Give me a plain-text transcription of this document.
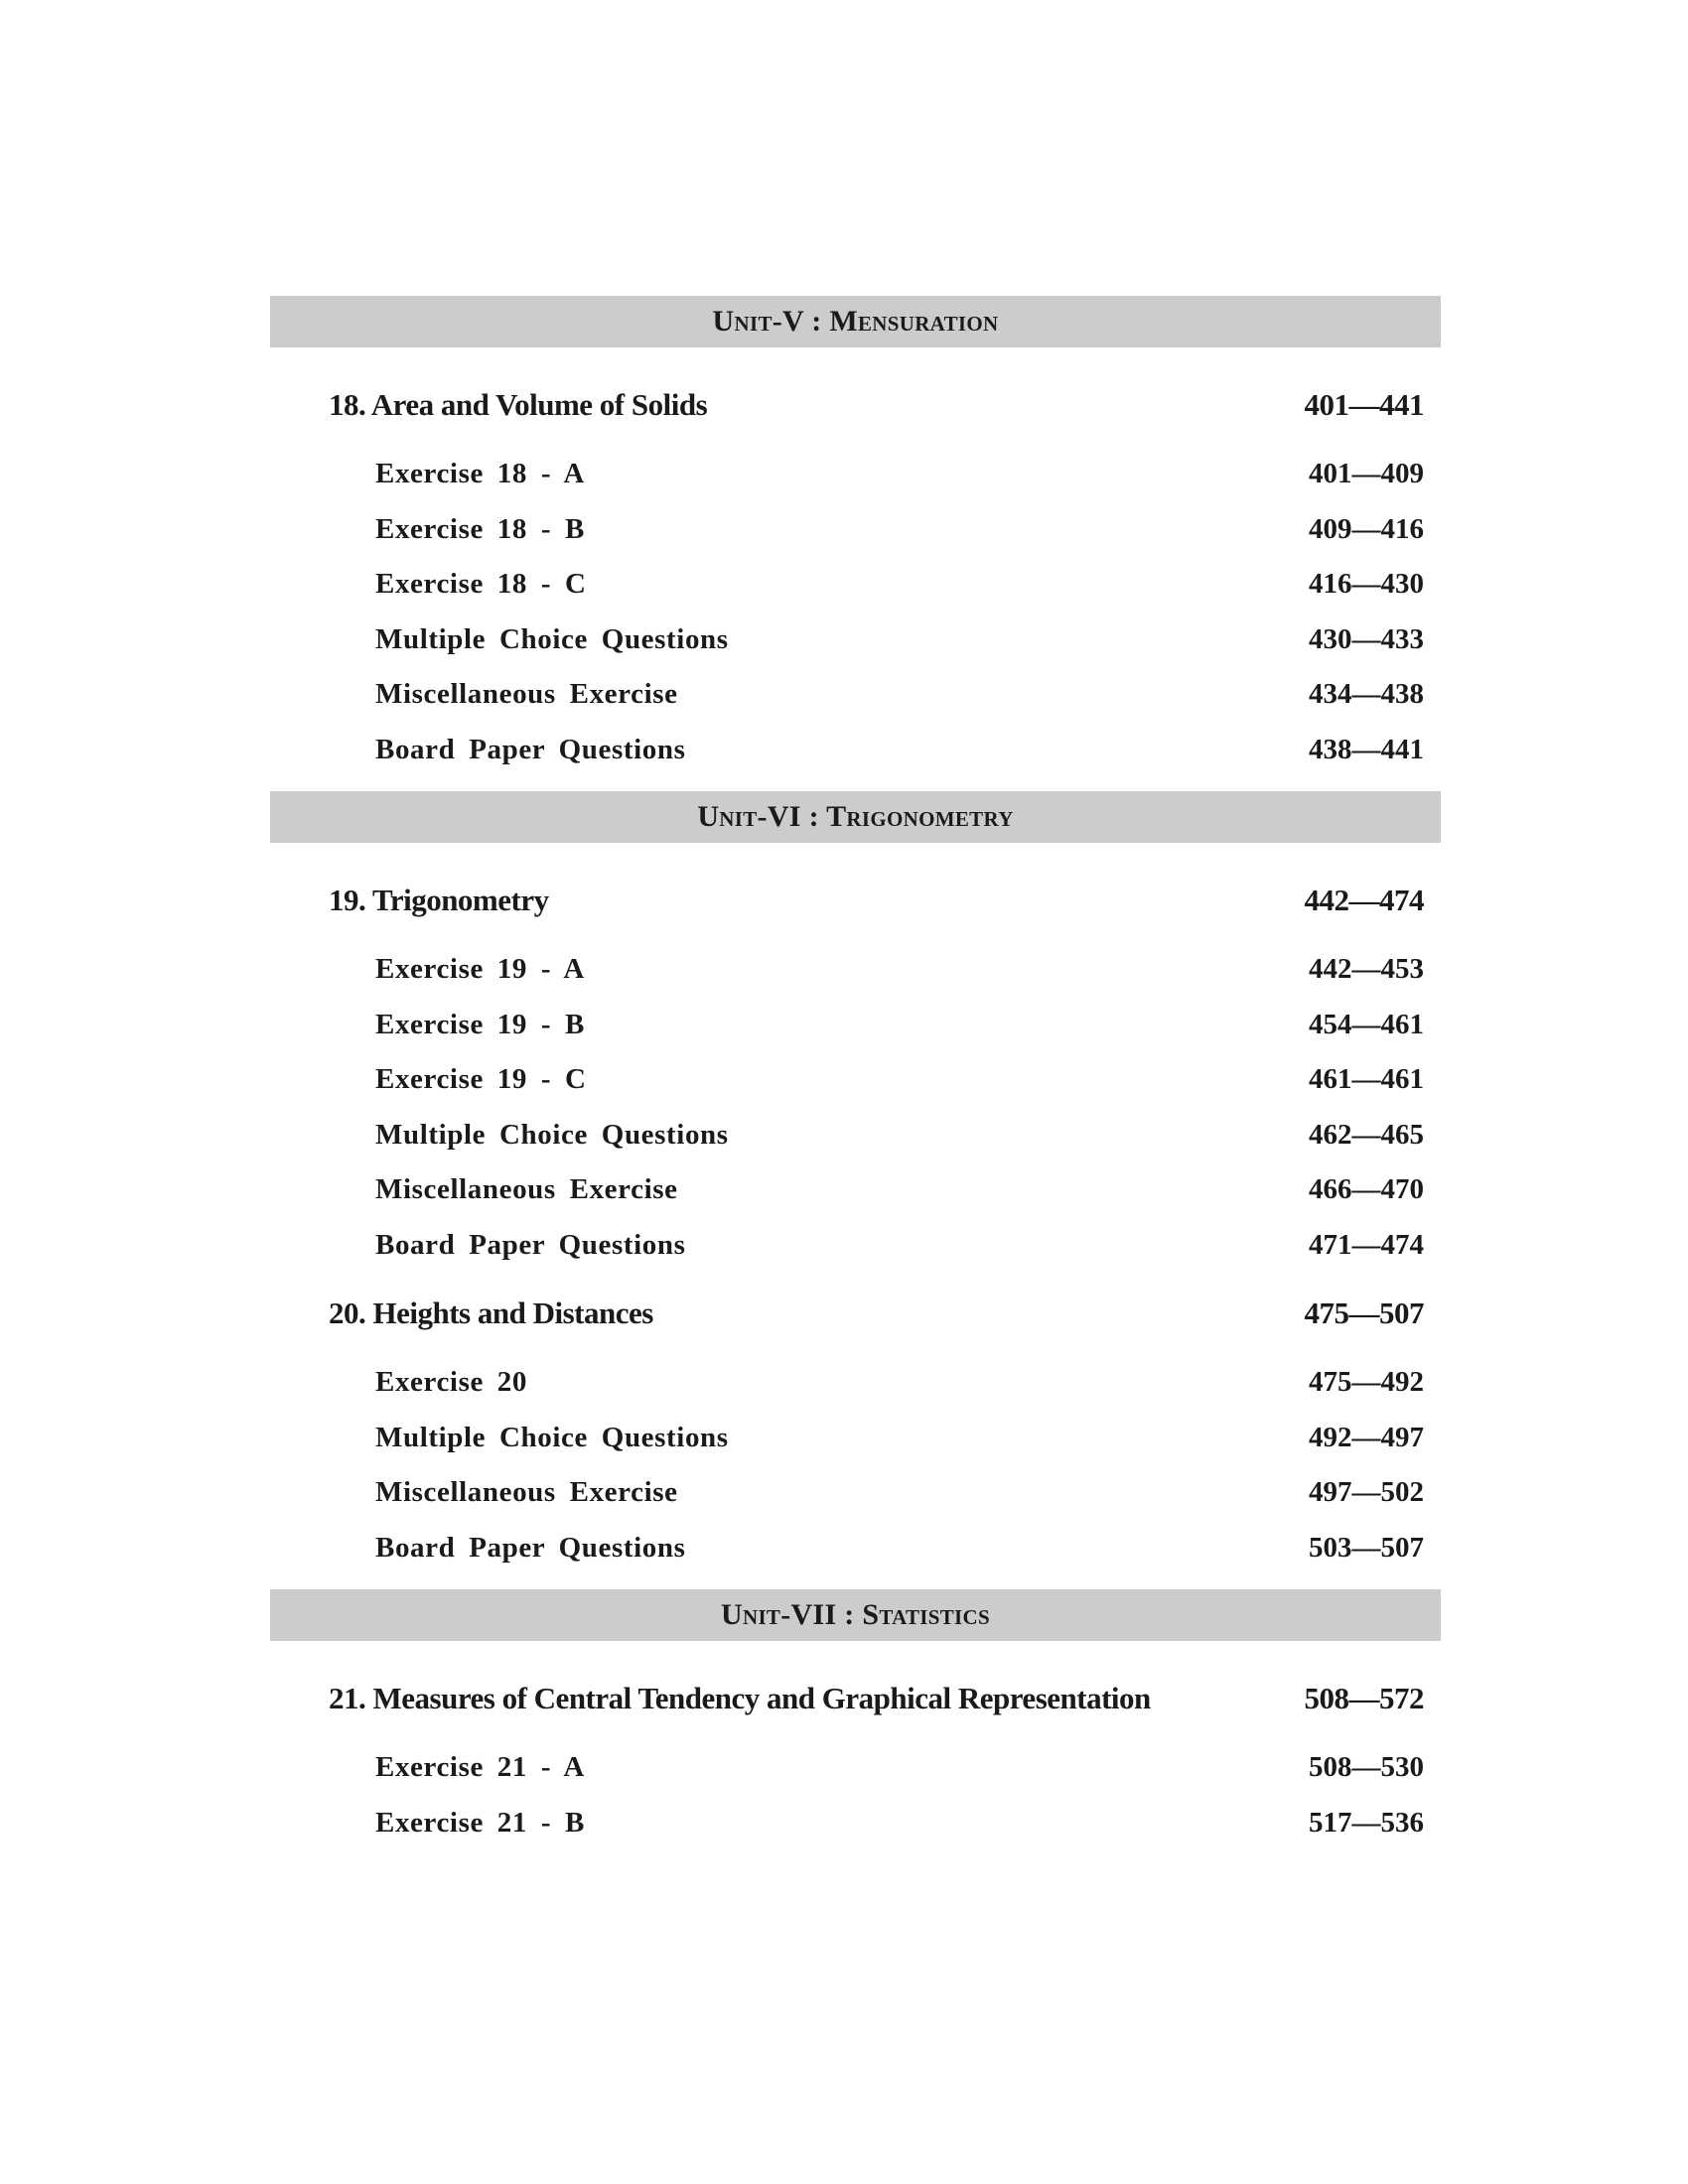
Unit-V : Mensuration
18. Area and Volume of Solids	401—441
Exercise 18 - A	401—409
Exercise 18 - B	409—416
Exercise 18 - C	416—430
Multiple Choice Questions	430—433
Miscellaneous Exercise	434—438
Board Paper Questions	438—441
Unit-VI : Trigonometry
19. Trigonometry	442—474
Exercise 19 - A	442—453
Exercise 19 - B	454—461
Exercise 19 - C	461—461
Multiple Choice Questions	462—465
Miscellaneous Exercise	466—470
Board Paper Questions	471—474
20. Heights and Distances	475—507
Exercise 20	475—492
Multiple Choice Questions	492—497
Miscellaneous Exercise	497—502
Board Paper Questions	503—507
Unit-VII : Statistics
21. Measures of Central Tendency and Graphical Representation	508—572
Exercise 21 - A	508—530
Exercise 21 - B	517—536
